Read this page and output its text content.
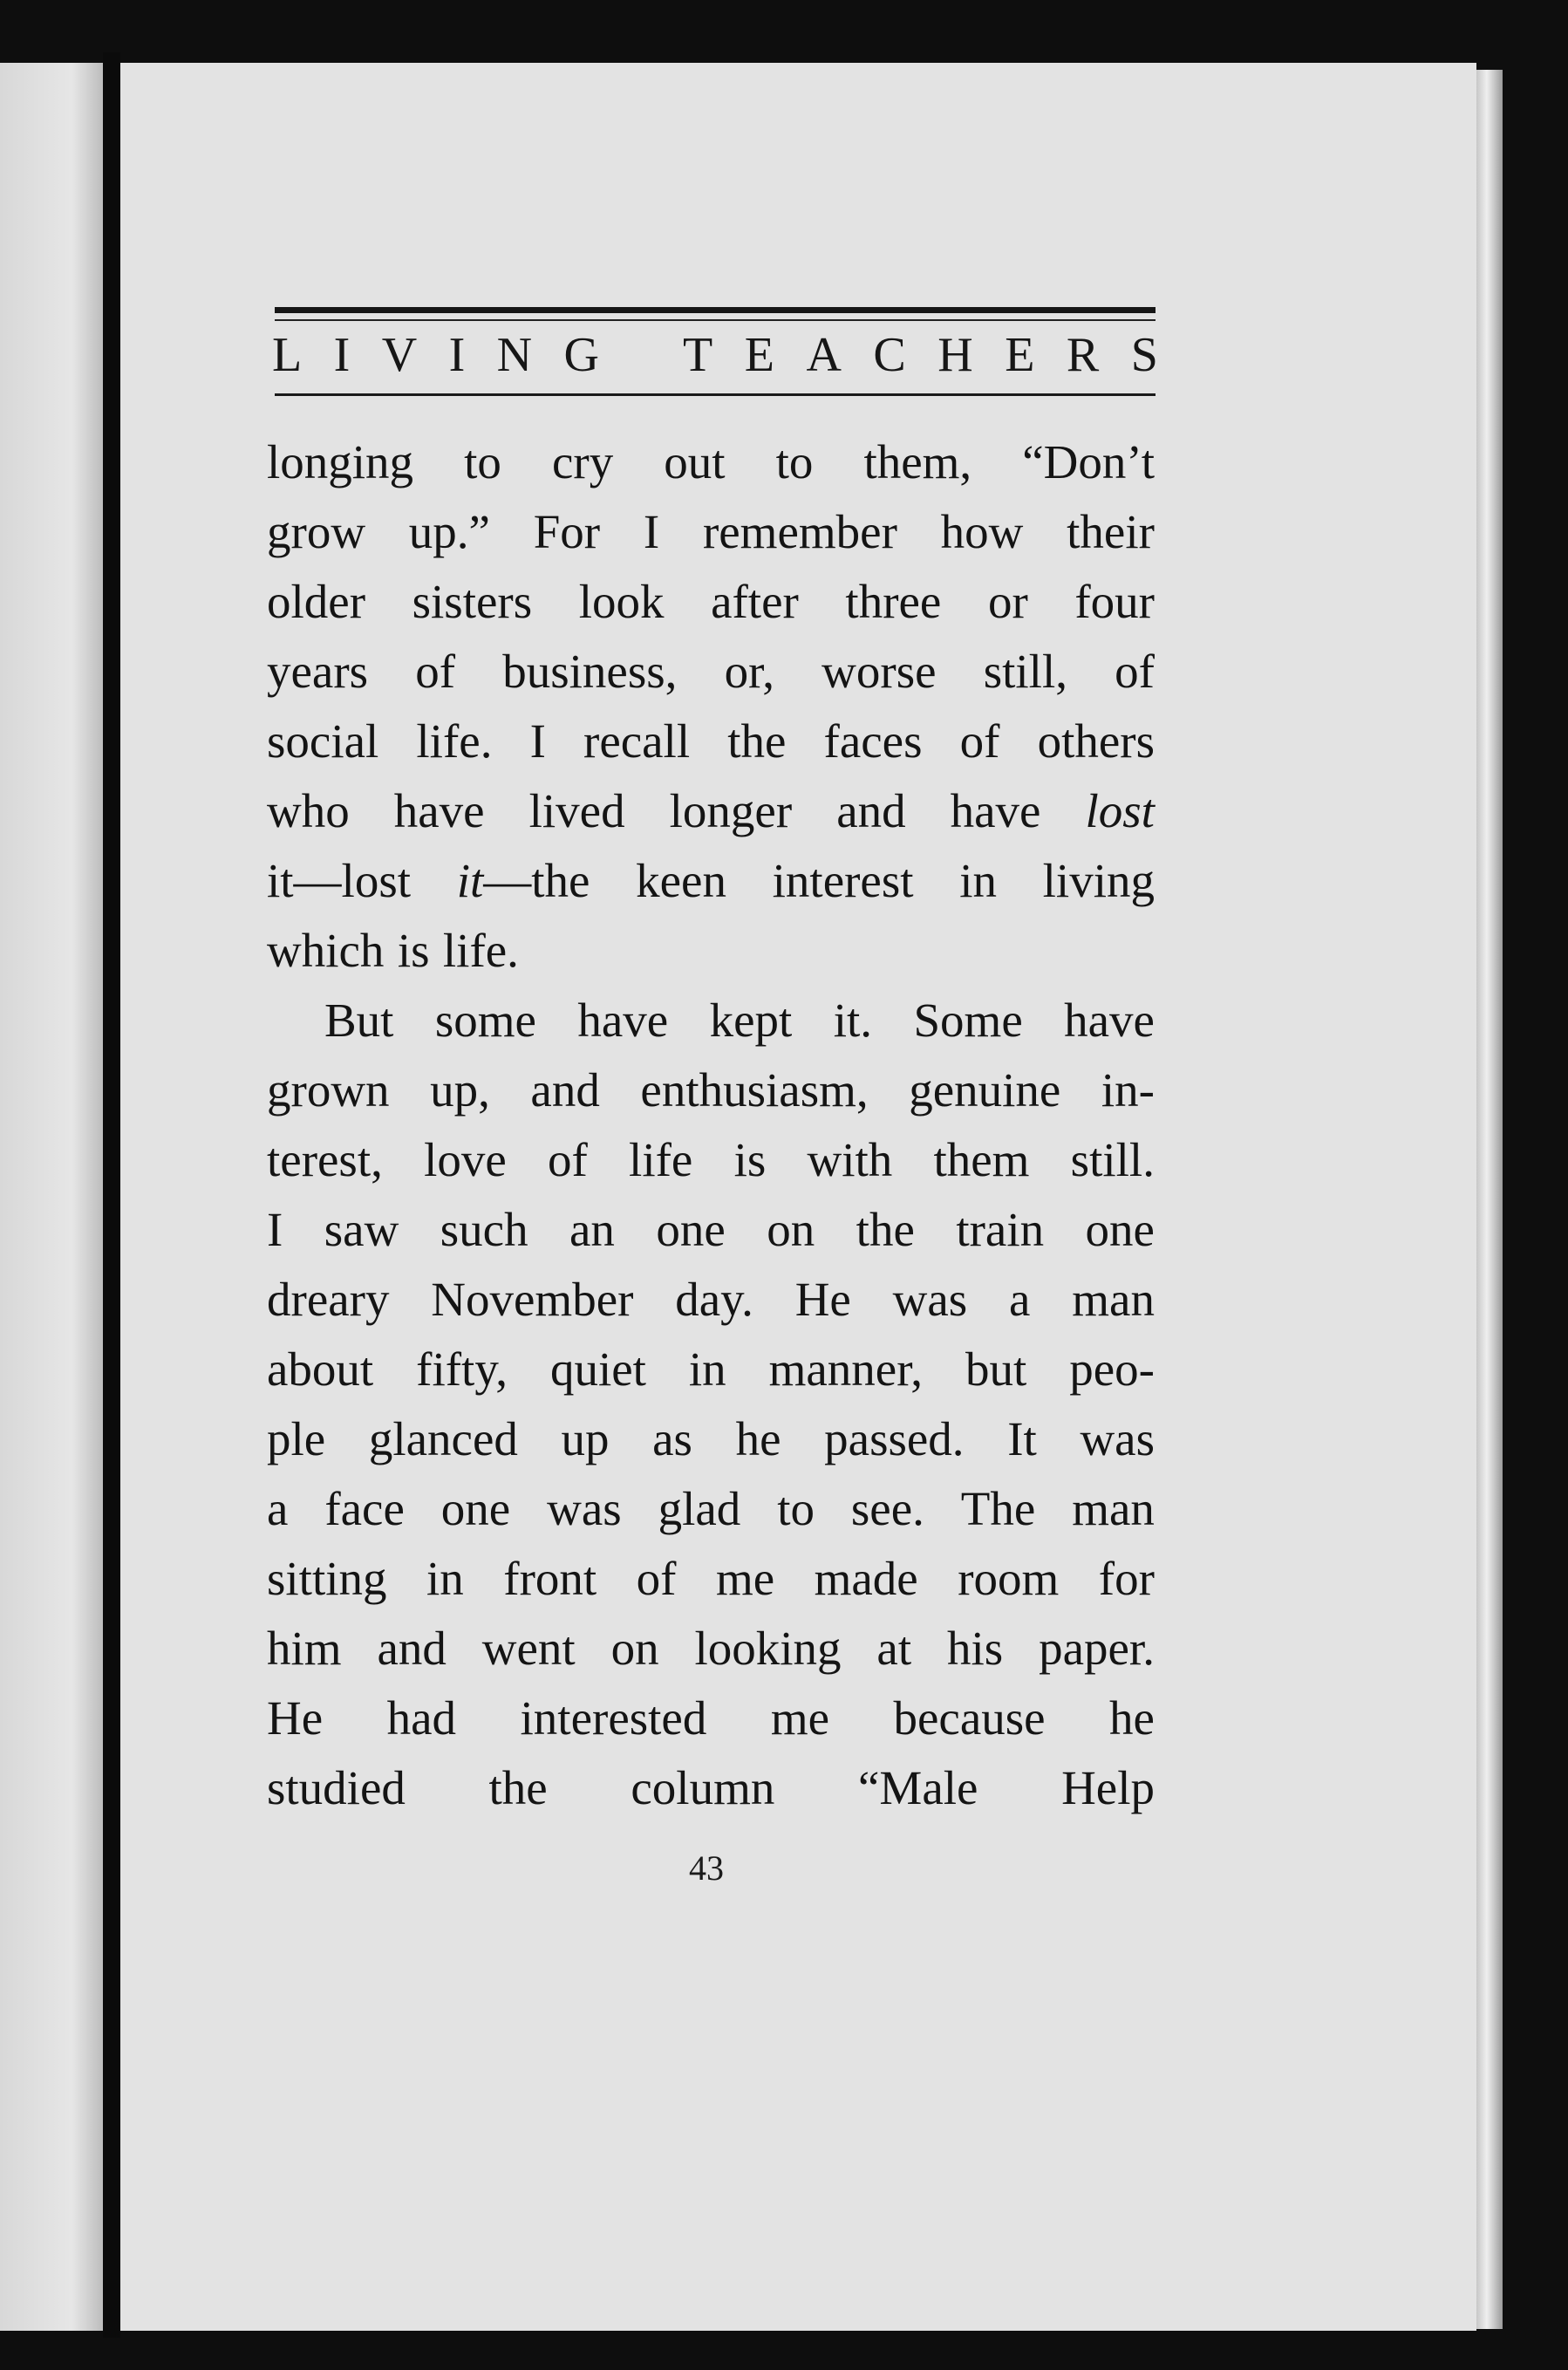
L I V I N G T E A C H E R S
longing to cry out to them, “Don’t
grow up.” For I remember how their
older sisters look after three or four
years of business, or, worse still, of
social life. I recall the faces of others
who have lived longer and have lost
it—lost it—the keen interest in living
which is life.
But some have kept it. Some have
grown up, and enthusiasm, genuine in-
terest, love of life is with them still.
I saw such an one on the train one
dreary November day. He was a man
about fifty, quiet in manner, but peo-
ple glanced up as he passed. It was
a face one was glad to see. The man
sitting in front of me made room for
him and went on looking at his paper.
He had interested me because he
studied the column “Male Help
43
